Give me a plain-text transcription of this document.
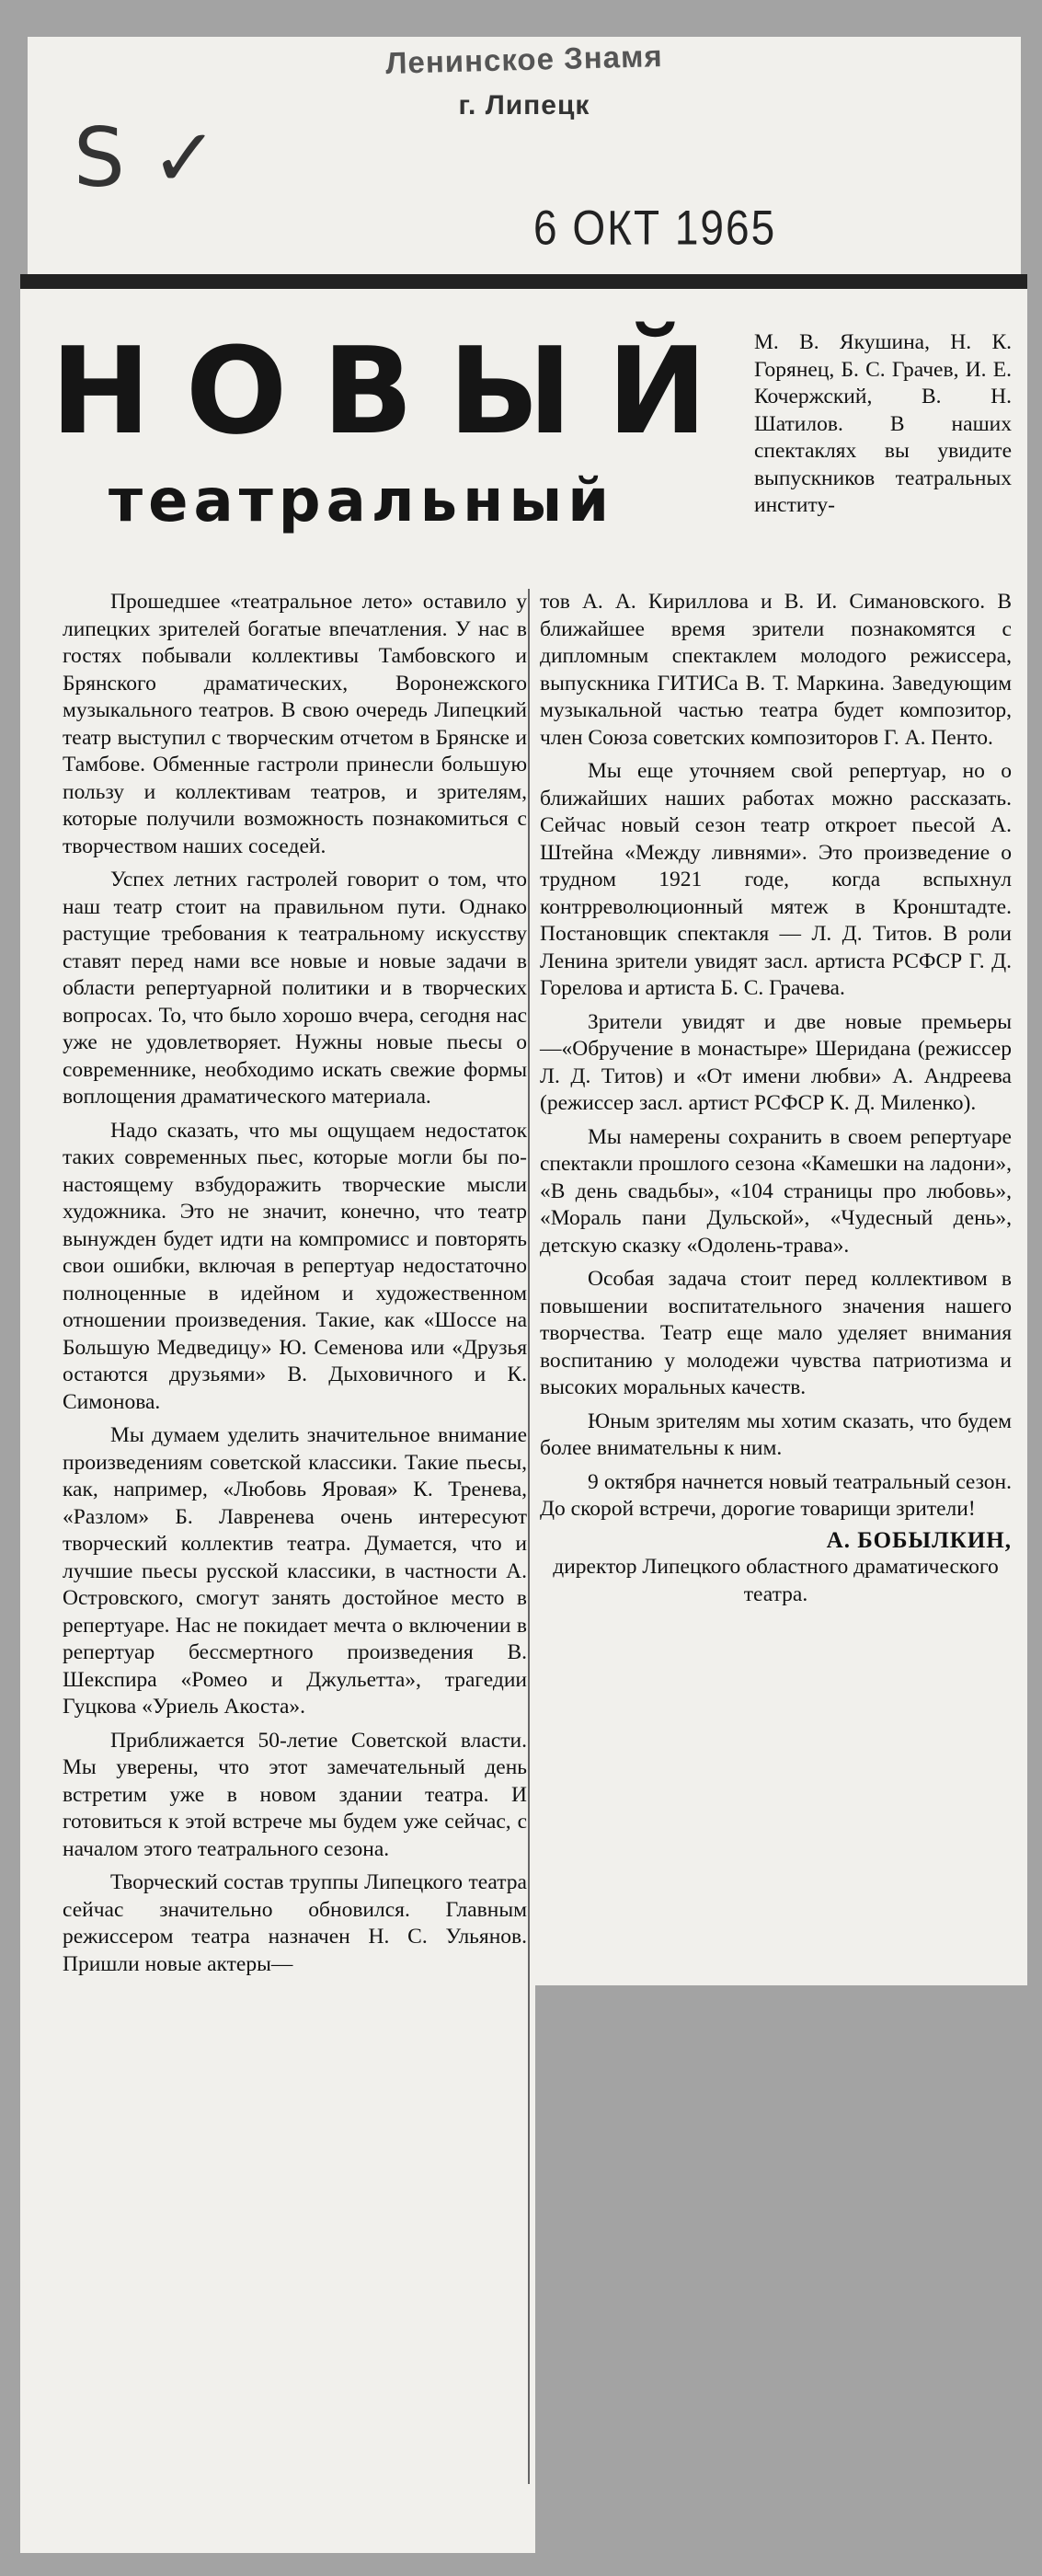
Ленинское Знамя
г. Липецк
S ✓
6 ОКТ 1965
НОВЫЙ
театральный

М. В. Якушина, Н. К. Горянец, Б. С. Грачев, И. Е. Кочержский, В. Н. Шатилов. В наших спектаклях вы увидите выпускников театральных институ-

Прошедшее «театральное лето» оставило у липецких зрителей богатые впечатления. У нас в гостях побывали коллективы Тамбовского и Брянского драматических, Воронежского музыкального театров. В свою очередь Липецкий театр выступил с творческим отчетом в Брянске и Тамбове. Обменные гастроли принесли большую пользу и коллективам театров, и зрителям, которые получили возможность познакомиться с творчеством наших соседей.

Успех летних гастролей говорит о том, что наш театр стоит на правильном пути. Однако растущие требования к театральному искусству ставят перед нами все новые и новые задачи в области репертуарной политики и в творческих вопросах. То, что было хорошо вчера, сегодня нас уже не удовлетворяет. Нужны новые пьесы о современнике, необходимо искать свежие формы воплощения драматического материала.

Надо сказать, что мы ощущаем недостаток таких современных пьес, которые могли бы по-настоящему взбудоражить творческие мысли художника. Это не значит, конечно, что театр вынужден будет идти на компромисс и повторять свои ошибки, включая в репертуар недостаточно полноценные в идейном и художественном отношении произведения. Такие, как «Шоссе на Большую Медведицу» Ю. Семенова или «Друзья остаются друзьями» В. Дыховичного и К. Симонова.

Мы думаем уделить значительное внимание произведениям советской классики. Такие пьесы, как, например, «Любовь Яровая» К. Тренева, «Разлом» Б. Лавренева очень интересуют творческий коллектив театра. Думается, что и лучшие пьесы русской классики, в частности А. Островского, смогут занять достойное место в репертуаре. Нас не покидает мечта о включении в репертуар бессмертного произведения В. Шекспира «Ромео и Джульетта», трагедии Гуцкова «Уриель Акоста».

Приближается 50-летие Советской власти. Мы уверены, что этот замечательный день встретим уже в новом здании театра. И готовиться к этой встрече мы будем уже сейчас, с началом этого театрального сезона.

Творческий состав труппы Липецкого театра сейчас значительно обновился. Главным режиссером театра назначен Н. С. Ульянов. Пришли новые актеры—

тов А. А. Кириллова и В. И. Симановского. В ближайшее время зрители познакомятся с дипломным спектаклем молодого режиссера, выпускника ГИТИСа В. Т. Маркина. Заведующим музыкальной частью театра будет композитор, член Союза советских композиторов Г. А. Пенто.

Мы еще уточняем свой репертуар, но о ближайших наших работах можно рассказать. Сейчас новый сезон театр откроет пьесой А. Штейна «Между ливнями». Это произведение о трудном 1921 годе, когда вспыхнул контрреволюционный мятеж в Кронштадте. Постановщик спектакля — Л. Д. Титов. В роли Ленина зрители увидят засл. артиста РСФСР Г. Д. Горелова и артиста Б. С. Грачева.

Зрители увидят и две новые премьеры —«Обручение в монастыре» Шеридана (режиссер Л. Д. Титов) и «От имени любви» А. Андреева (режиссер засл. артист РСФСР К. Д. Миленко).

Мы намерены сохранить в своем репертуаре спектакли прошлого сезона «Камешки на ладони», «В день свадьбы», «104 страницы про любовь», «Мораль пани Дульской», «Чудесный день», детскую сказку «Одолень-трава».

Особая задача стоит перед коллективом в повышении воспитательного значения нашего творчества. Театр еще мало уделяет внимания воспитанию у молодежи чувства патриотизма и высоких моральных качеств.

Юным зрителям мы хотим сказать, что будем более внимательны к ним.

9 октября начнется новый театральный сезон. До скорой встречи, дорогие товарищи зрители!

А. БОБЫЛКИН,
директор Липецкого областного драматического театра.
